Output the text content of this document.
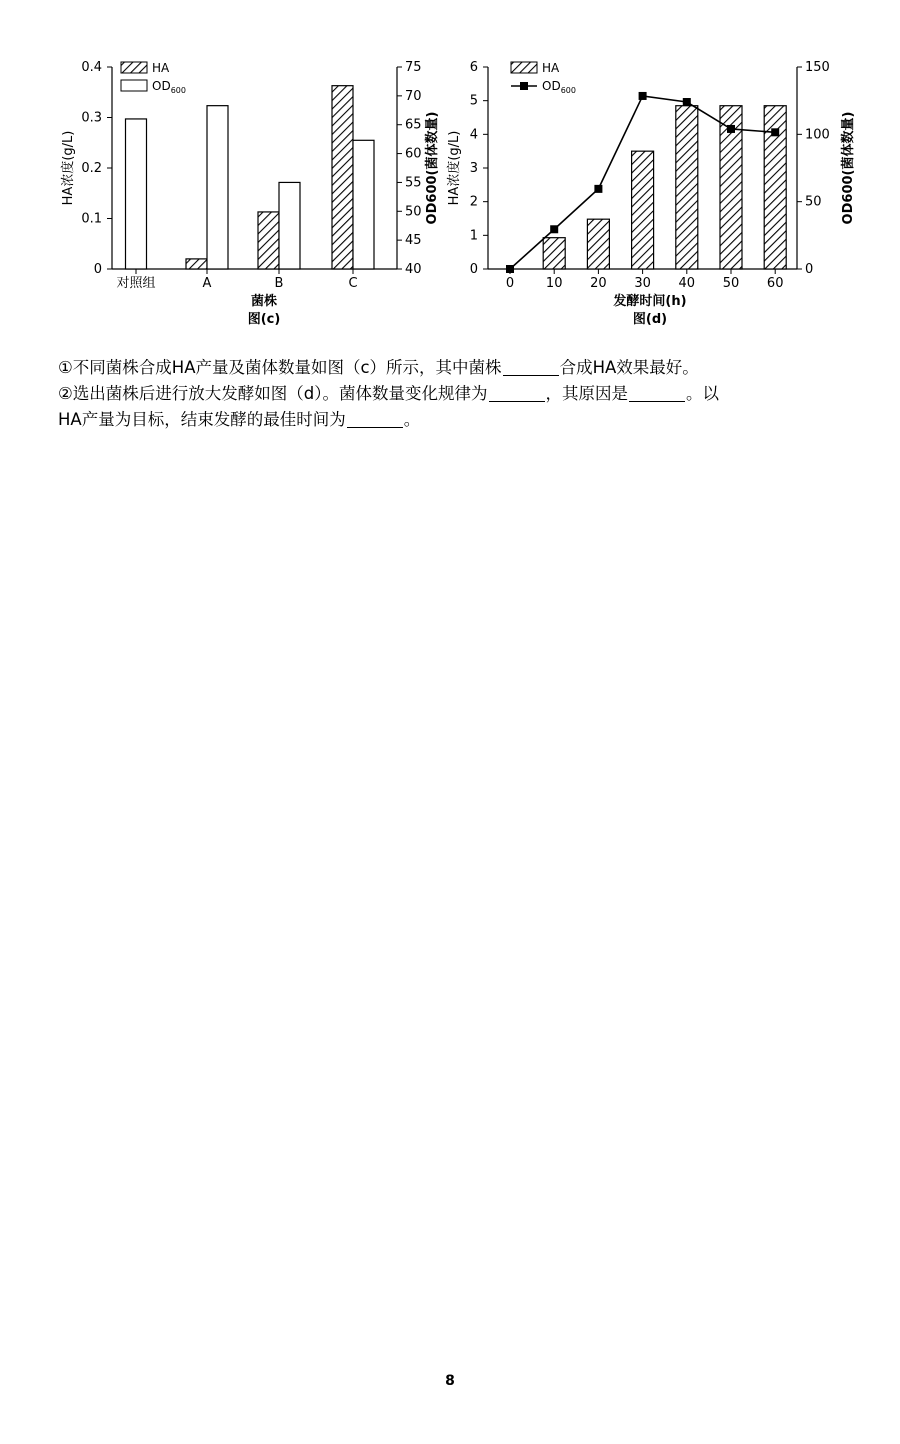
0
0.1
0.2
0.3
0.4
40
45
50
55
60
65
70
75
对照组	A	B	C
HA
$OD_{600}$
HA浓度(g/L)	OD600(菌体数量)
菌株
图(c)
0
1
2
3
4
5
6
0
50
100
150
0 10 20 30 40 50 60
HA
$OD_{600}$
HA浓度(g/L)	OD600(菌体数量)
发酵时间(h)
图(d)
①不同菌株合成HA产量及菌体数量如图（c）所示，其中菌株	合成HA效果最好。
②选出菌株后进行放大发酵如图（d）。菌体数量变化规律为	，其原因是	。以
HA产量为目标，结束发酵的最佳时间为	。
8
